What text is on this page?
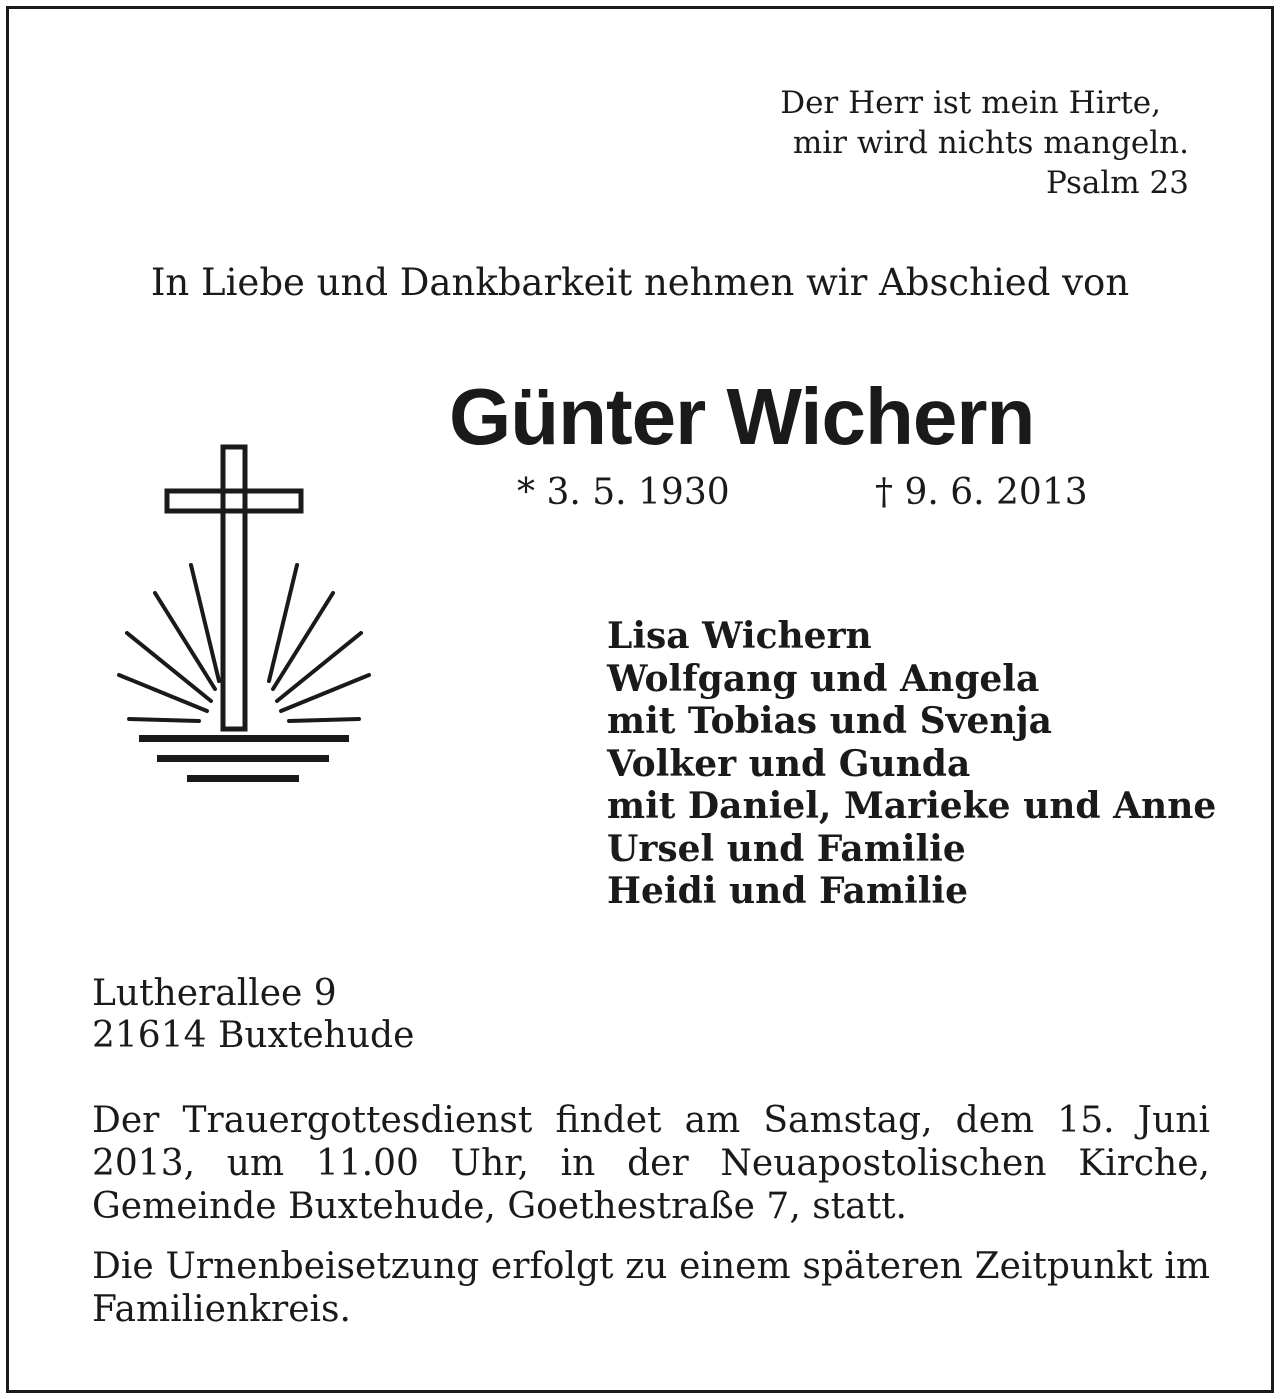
Der Herr ist mein Hirte,
mir wird nichts mangeln.
Psalm 23
In Liebe und Dankbarkeit nehmen wir Abschied von
Günter Wichern
* 3. 5. 1930	† 9. 6. 2013
Lisa Wichern
Wolfgang und Angela
mit Tobias und Svenja
Volker und Gunda
mit Daniel, Marieke und Anne
Ursel und Familie
Heidi und Familie
Lutherallee 9
21614 Buxtehude

Der Trauergottesdienst findet am Samstag, dem 15. Juni 2013, um 11.00 Uhr, in der Neuapostolischen Kirche, Gemeinde Buxtehude, Goethestraße 7, statt.

Die Urnenbeisetzung erfolgt zu einem späteren Zeitpunkt im Familienkreis.
